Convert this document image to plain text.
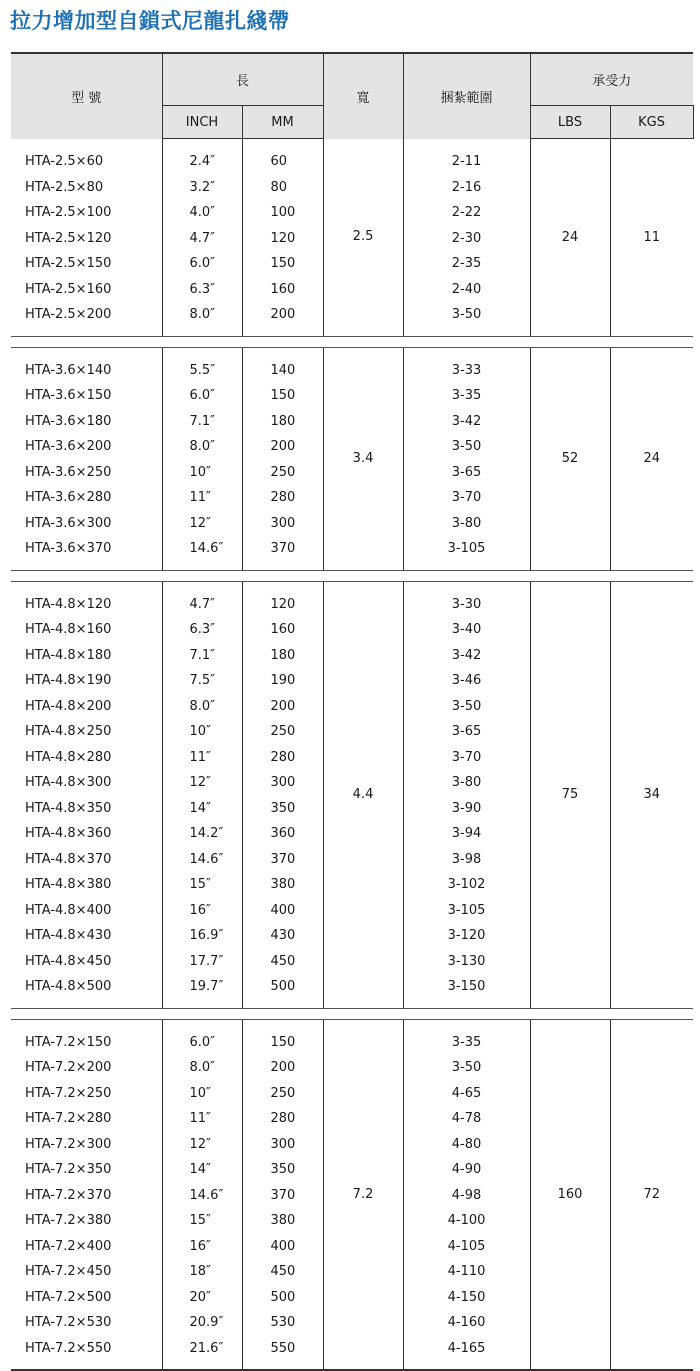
拉力增加型自鎖式尼龍扎綫帶
型 號	長		寬	捆紮範圍	承受力	
	INCH	MM			LBS	KGS
HTA-2.5×60	2.4″	60	2.5	2-11	24	11
HTA-2.5×80	3.2″	80		2-16		
HTA-2.5×100	4.0″	100		2-22		
HTA-2.5×120	4.7″	120		2-30		
HTA-2.5×150	6.0″	150		2-35		
HTA-2.5×160	6.3″	160		2-40		
HTA-2.5×200	8.0″	200		3-50		

HTA-3.6×140	5.5″	140	3.4	3-33	52	24
HTA-3.6×150	6.0″	150		3-35		
HTA-3.6×180	7.1″	180		3-42		
HTA-3.6×200	8.0″	200		3-50		
HTA-3.6×250	10″	250		3-65		
HTA-3.6×280	11″	280		3-70		
HTA-3.6×300	12″	300		3-80		
HTA-3.6×370	14.6″	370		3-105		

HTA-4.8×120	4.7″	120	4.4	3-30	75	34
HTA-4.8×160	6.3″	160		3-40		
HTA-4.8×180	7.1″	180		3-42		
HTA-4.8×190	7.5″	190		3-46		
HTA-4.8×200	8.0″	200		3-50		
HTA-4.8×250	10″	250		3-65		
HTA-4.8×280	11″	280		3-70		
HTA-4.8×300	12″	300		3-80		
HTA-4.8×350	14″	350		3-90		
HTA-4.8×360	14.2″	360		3-94		
HTA-4.8×370	14.6″	370		3-98		
HTA-4.8×380	15″	380		3-102		
HTA-4.8×400	16″	400		3-105		
HTA-4.8×430	16.9″	430		3-120		
HTA-4.8×450	17.7″	450		3-130		
HTA-4.8×500	19.7″	500		3-150		

HTA-7.2×150	6.0″	150	7.2	3-35	160	72
HTA-7.2×200	8.0″	200		3-50		
HTA-7.2×250	10″	250		4-65		
HTA-7.2×280	11″	280		4-78		
HTA-7.2×300	12″	300		4-80		
HTA-7.2×350	14″	350		4-90		
HTA-7.2×370	14.6″	370		4-98		
HTA-7.2×380	15″	380		4-100		
HTA-7.2×400	16″	400		4-105		
HTA-7.2×450	18″	450		4-110		
HTA-7.2×500	20″	500		4-150		
HTA-7.2×530	20.9″	530		4-160		
HTA-7.2×550	21.6″	550		4-165		
